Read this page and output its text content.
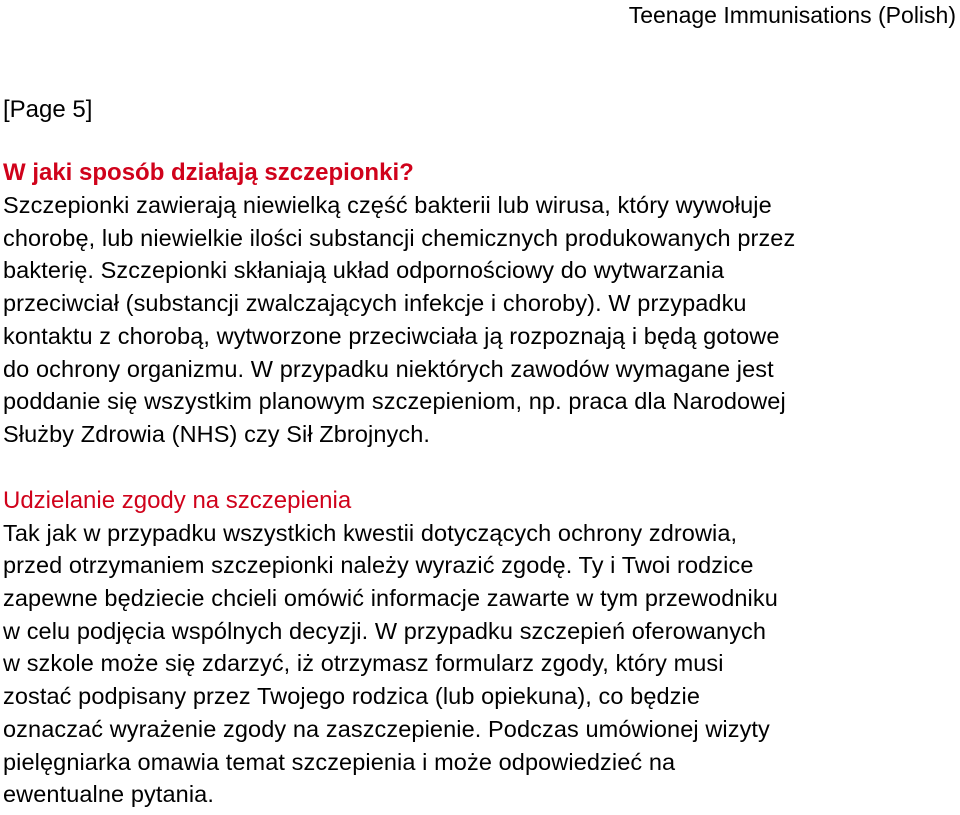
Teenage Immunisations (Polish)
[Page 5]
W jaki sposób działają szczepionki?

Szczepionki zawierają niewielką część bakterii lub wirusa, który wywołuje
chorobę, lub niewielkie ilości substancji chemicznych produkowanych przez
bakterię. Szczepionki skłaniają układ odpornościowy do wytwarzania
przeciwciał (substancji zwalczających infekcje i choroby). W przypadku
kontaktu z chorobą, wytworzone przeciwciała ją rozpoznają i będą gotowe
do ochrony organizmu. W przypadku niektórych zawodów wymagane jest
poddanie się wszystkim planowym szczepieniom, np. praca dla Narodowej
Służby Zdrowia (NHS) czy Sił Zbrojnych.

Udzielanie zgody na szczepienia

Tak jak w przypadku wszystkich kwestii dotyczących ochrony zdrowia,
przed otrzymaniem szczepionki należy wyrazić zgodę. Ty i Twoi rodzice
zapewne będziecie chcieli omówić informacje zawarte w tym przewodniku
w celu podjęcia wspólnych decyzji. W przypadku szczepień oferowanych
w szkole może się zdarzyć, iż otrzymasz formularz zgody, który musi
zostać podpisany przez Twojego rodzica (lub opiekuna), co będzie
oznaczać wyrażenie zgody na zaszczepienie. Podczas umówionej wizyty
pielęgniarka omawia temat szczepienia i może odpowiedzieć na
ewentualne pytania.
